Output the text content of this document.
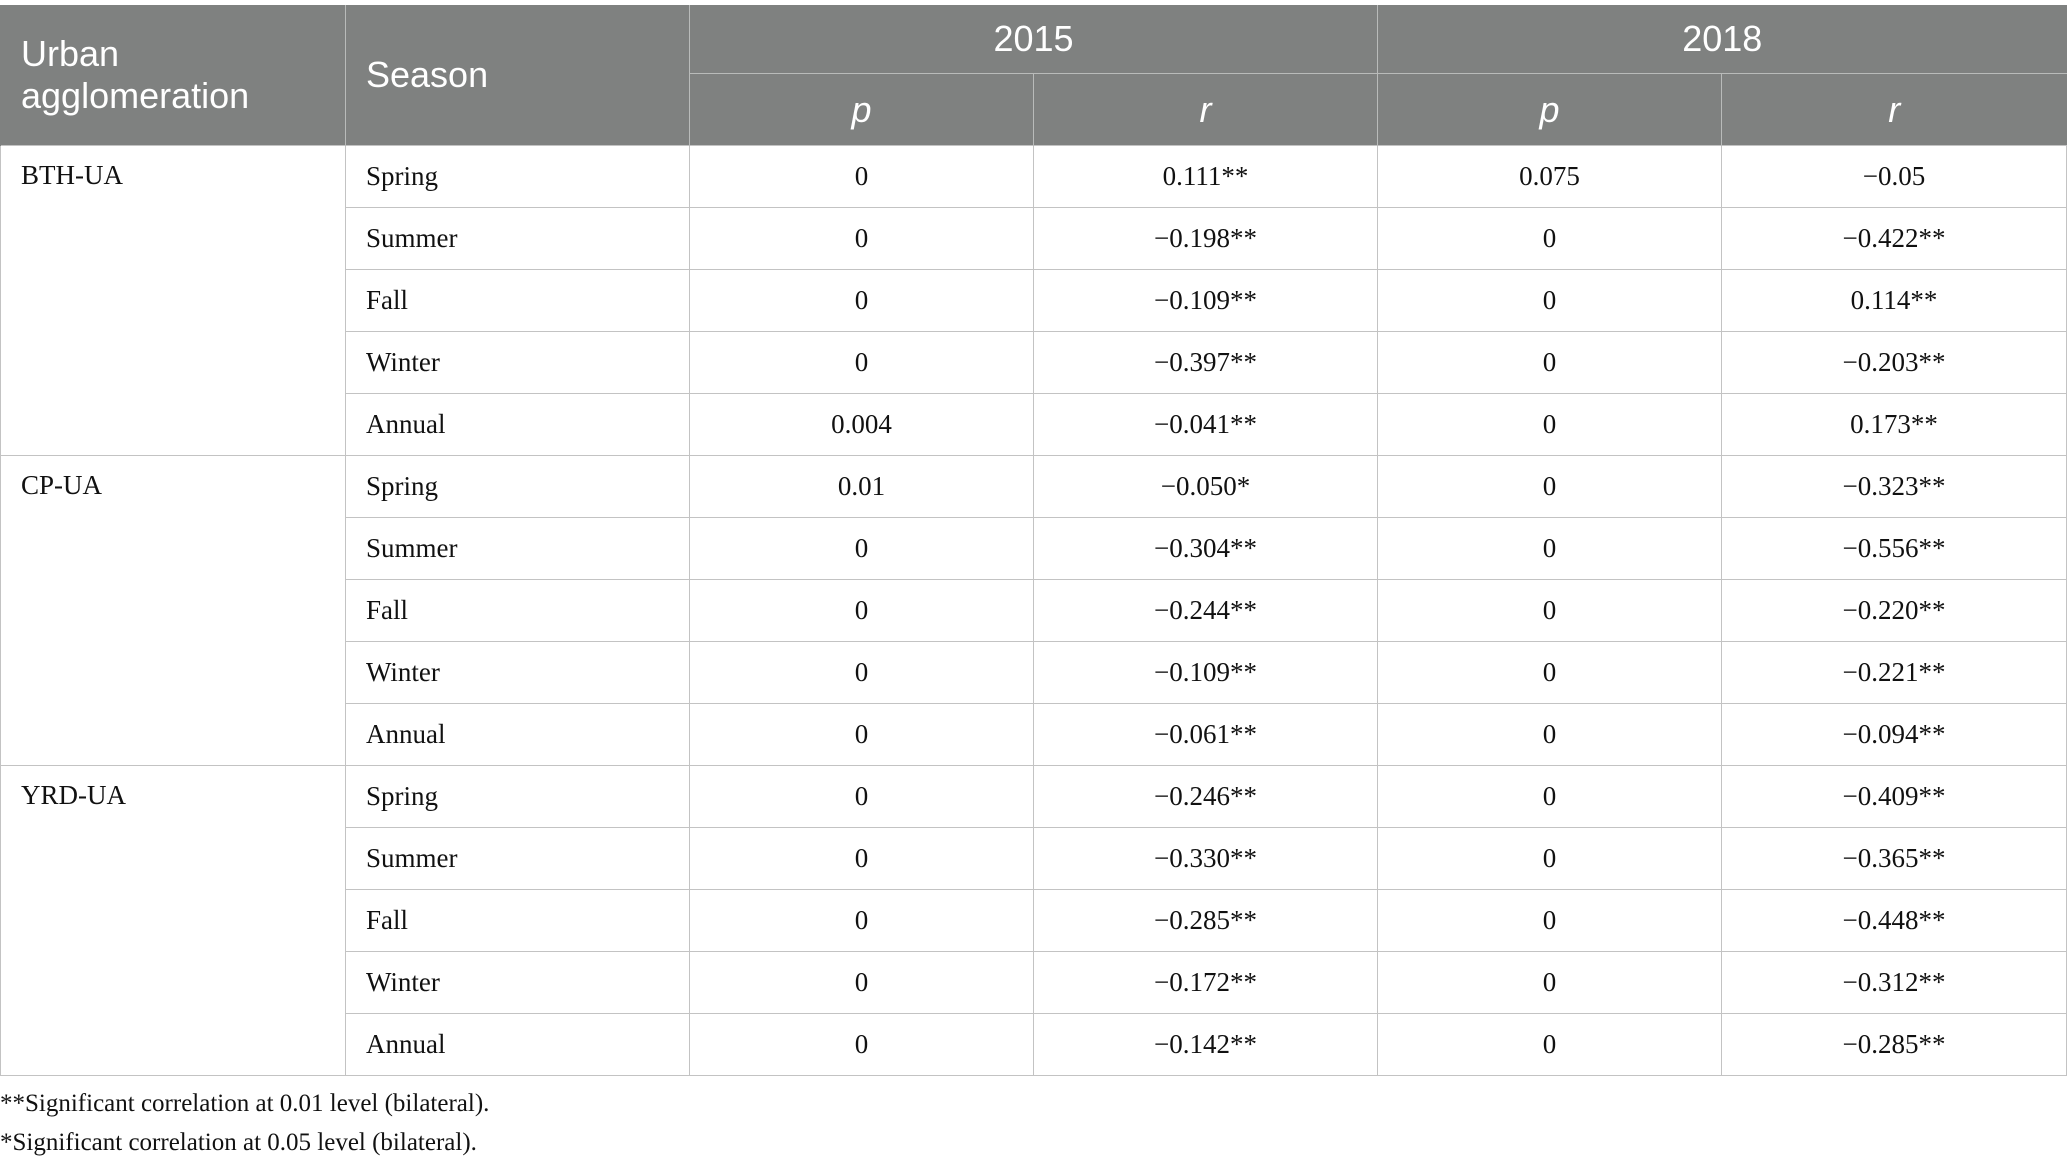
Urban agglomeration	Season	2015		2018	
		p	r	p	r
BTH-UA	Spring	0	0.111**	0.075	−0.05
	Summer	0	−0.198**	0	−0.422**
	Fall	0	−0.109**	0	0.114**
	Winter	0	−0.397**	0	−0.203**
	Annual	0.004	−0.041**	0	0.173**
CP-UA	Spring	0.01	−0.050*	0	−0.323**
	Summer	0	−0.304**	0	−0.556**
	Fall	0	−0.244**	0	−0.220**
	Winter	0	−0.109**	0	−0.221**
	Annual	0	−0.061**	0	−0.094**
YRD-UA	Spring	0	−0.246**	0	−0.409**
	Summer	0	−0.330**	0	−0.365**
	Fall	0	−0.285**	0	−0.448**
	Winter	0	−0.172**	0	−0.312**
	Annual	0	−0.142**	0	−0.285**
**Significant correlation at 0.01 level (bilateral).
*Significant correlation at 0.05 level (bilateral).
